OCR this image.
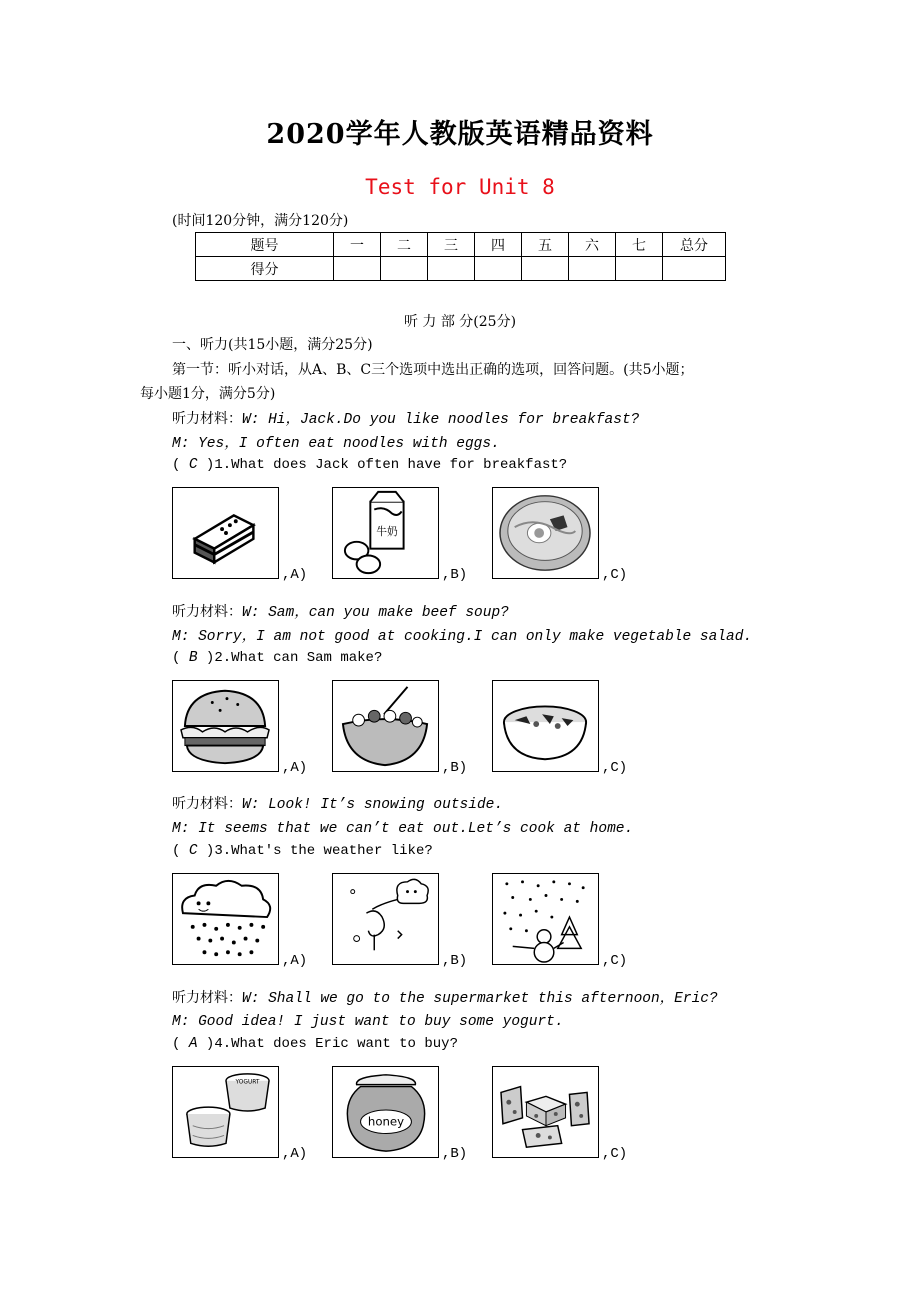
2020学年人教版英语精品资料
Test for Unit 8
(时间120分钟，满分120分)
题号	一	二	三	四	五	六	七	总分
得分								
听 力 部 分(25分)
一、听力(共15小题，满分25分)
第一节：听小对话，从A、B、C三个选项中选出正确的选项，回答问题。(共5小题；
每小题1分，满分5分)
听力材料：W: Hi，Jack.Do you like noodles for breakfast?
M: Yes，I often eat noodles with eggs.
( C )1.What does Jack often have for breakfast?
,A)
牛奶
,B)	,C)
听力材料：W: Sam，can you make beef soup?
M: Sorry，I am not good at cooking.I can only make vegetable salad.
( B )2.What can Sam make?
,A)	,B)	,C)
听力材料：W: Look! It’s snowing outside.
M: It seems that we can’t eat out.Let’s cook at home.
( C )3.What's the weather like?
,A)	,B)	,C)
听力材料：W: Shall we go to the supermarket this afternoon，Eric?
M: Good idea! I just want to buy some yogurt.
( A )4.What does Eric want to buy?
YOGURT
,A)
honey
,B)	,C)
